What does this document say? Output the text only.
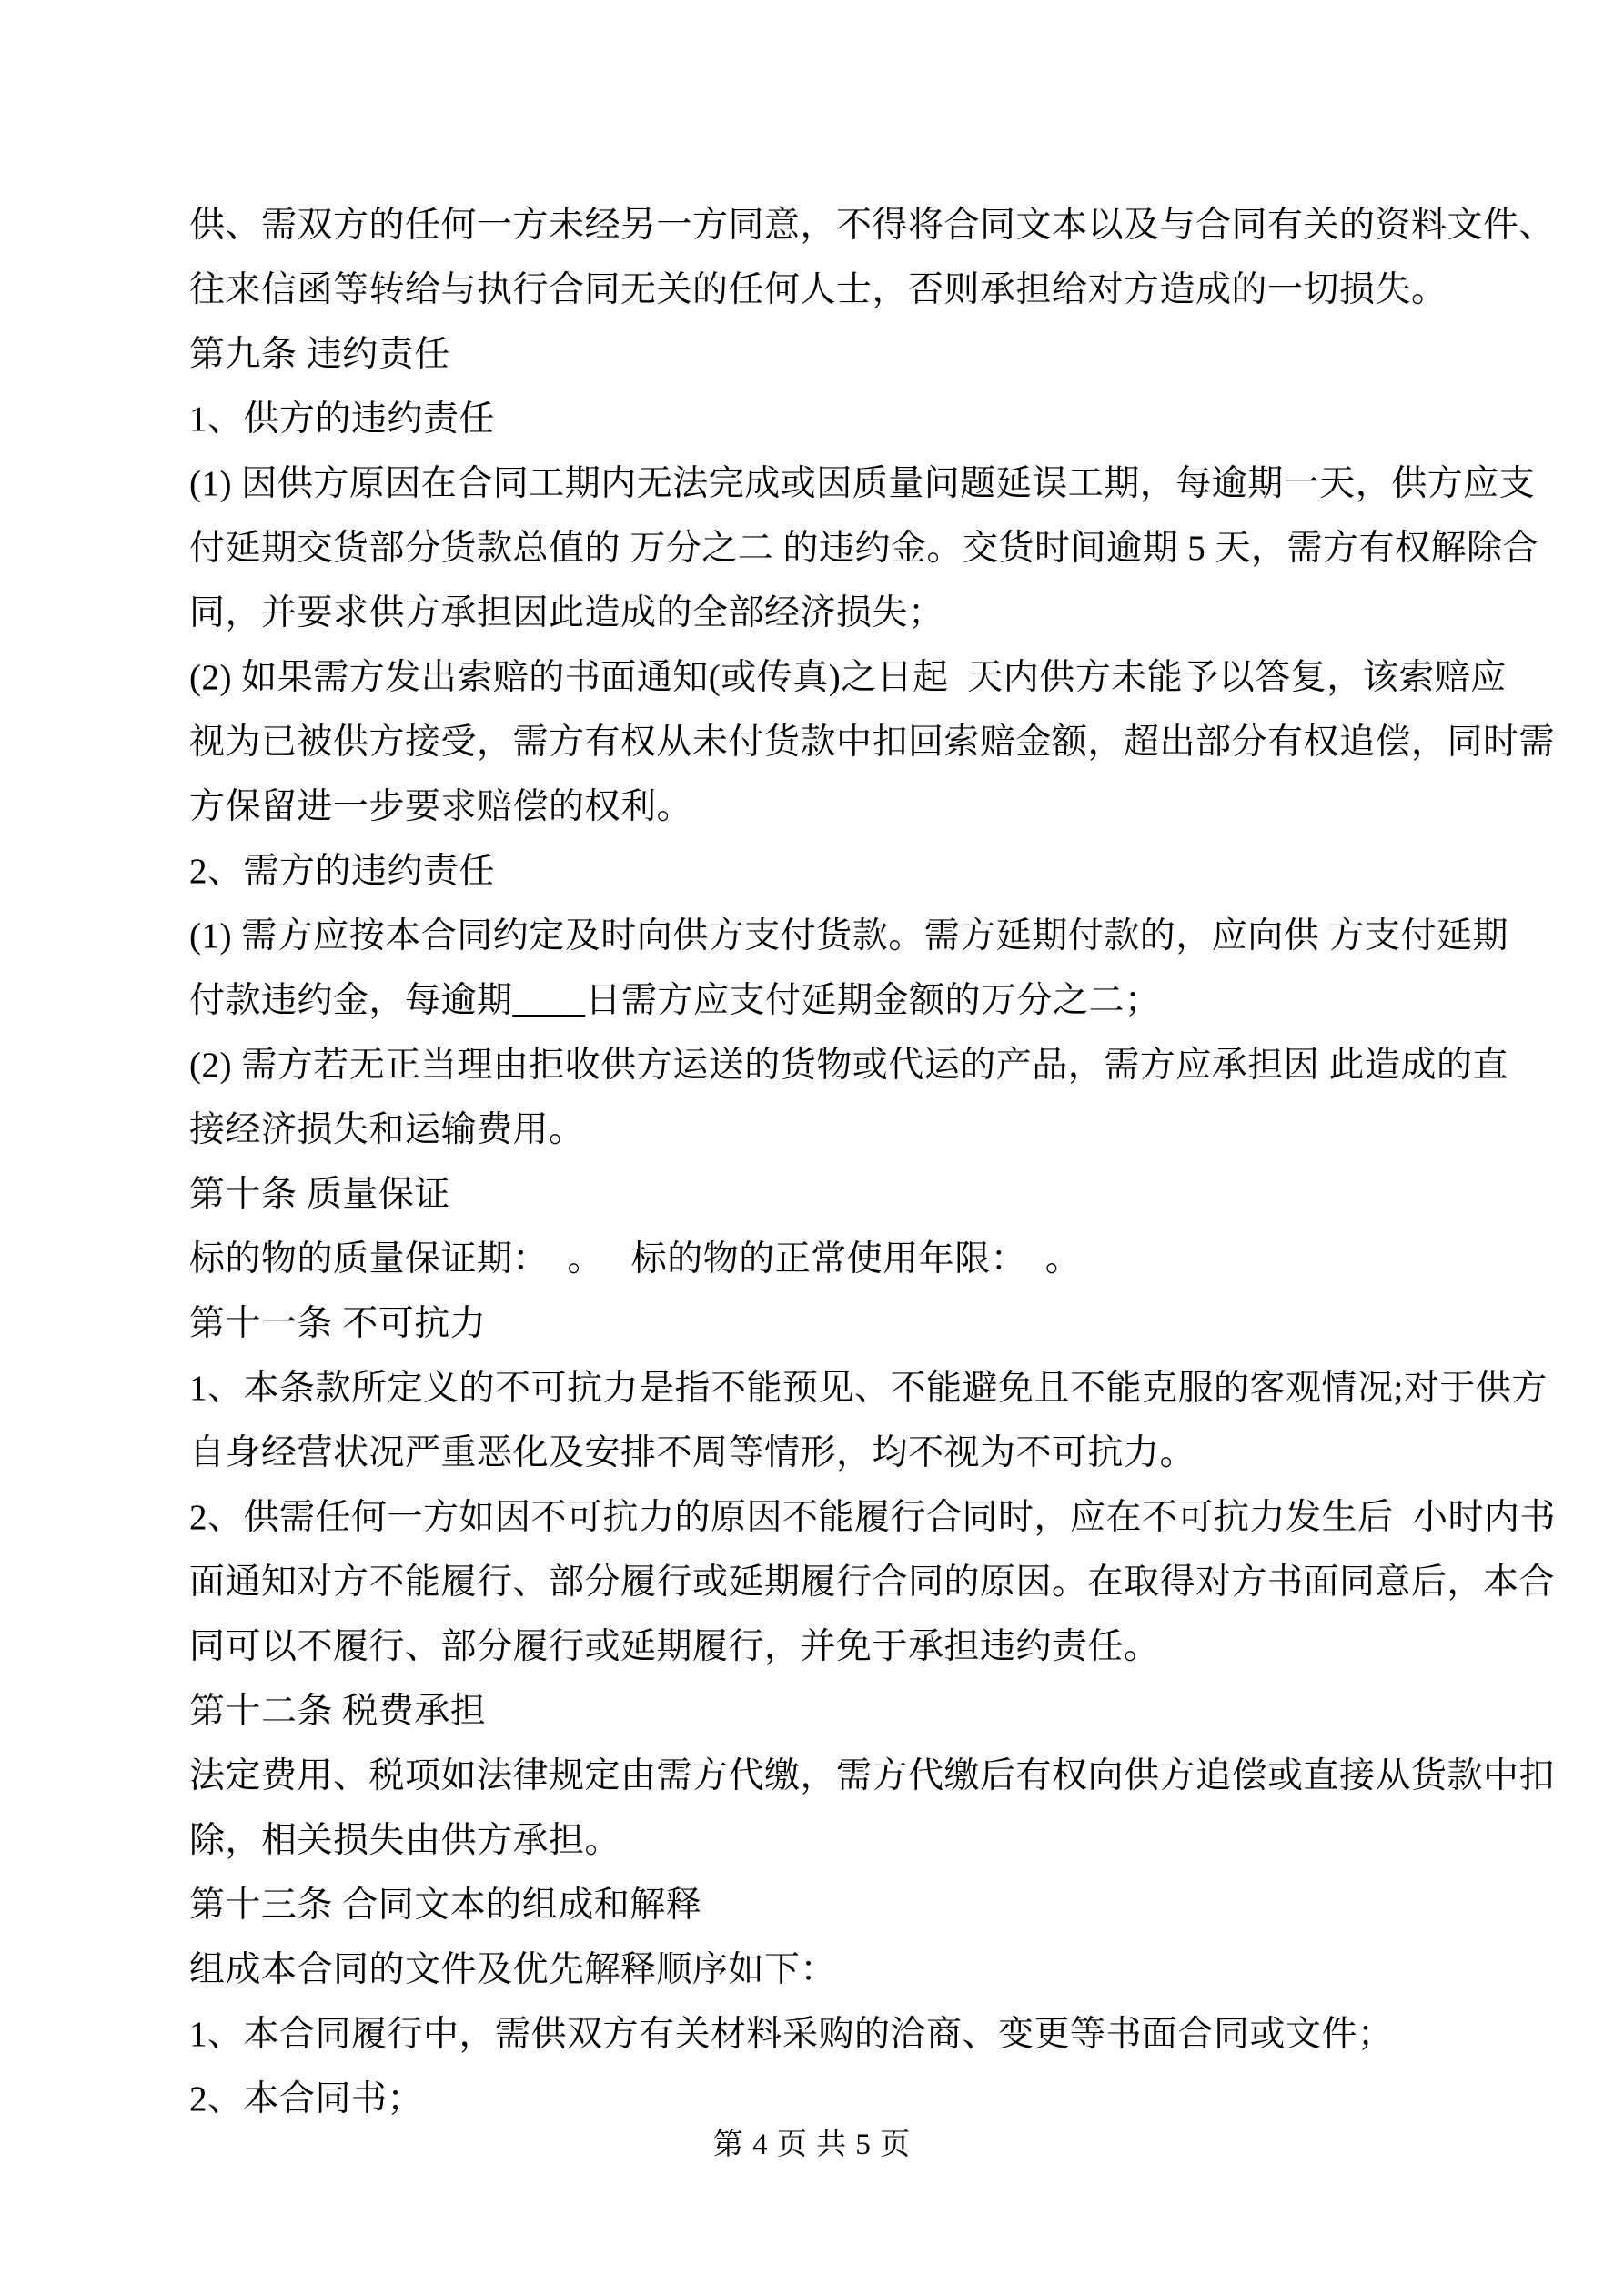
供、需双方的任何一方未经另一方同意，不得将合同文本以及与合同有关的资料文件、
往来信函等转给与执行合同无关的任何人士，否则承担给对方造成的一切损失。
第九条 违约责任
1、供方的违约责任
(1) 因供方原因在合同工期内无法完成或因质量问题延误工期，每逾期一天，供方应支
付延期交货部分货款总值的 万分之二 的违约金。交货时间逾期 5 天，需方有权解除合
同，并要求供方承担因此造成的全部经济损失；
(2) 如果需方发出索赔的书面通知(或传真)之日起  天内供方未能予以答复，该索赔应
视为已被供方接受，需方有权从未付货款中扣回索赔金额，超出部分有权追偿，同时需
方保留进一步要求赔偿的权利。
2、需方的违约责任
(1) 需方应按本合同约定及时向供方支付货款。需方延期付款的，应向供 方支付延期
付款违约金，每逾期____日需方应支付延期金额的万分之二；
(2) 需方若无正当理由拒收供方运送的货物或代运的产品，需方应承担因 此造成的直
接经济损失和运输费用。
第十条 质量保证
标的物的质量保证期：  。   标的物的正常使用年限：  。
第十一条 不可抗力
1、本条款所定义的不可抗力是指不能预见、不能避免且不能克服的客观情况;对于供方
自身经营状况严重恶化及安排不周等情形，均不视为不可抗力。
2、供需任何一方如因不可抗力的原因不能履行合同时，应在不可抗力发生后  小时内书
面通知对方不能履行、部分履行或延期履行合同的原因。在取得对方书面同意后，本合
同可以不履行、部分履行或延期履行，并免于承担违约责任。
第十二条 税费承担
法定费用、税项如法律规定由需方代缴，需方代缴后有权向供方追偿或直接从货款中扣
除，相关损失由供方承担。
第十三条 合同文本的组成和解释
组成本合同的文件及优先解释顺序如下：
1、本合同履行中，需供双方有关材料采购的洽商、变更等书面合同或文件；
2、本合同书；
第 4 页 共 5 页
